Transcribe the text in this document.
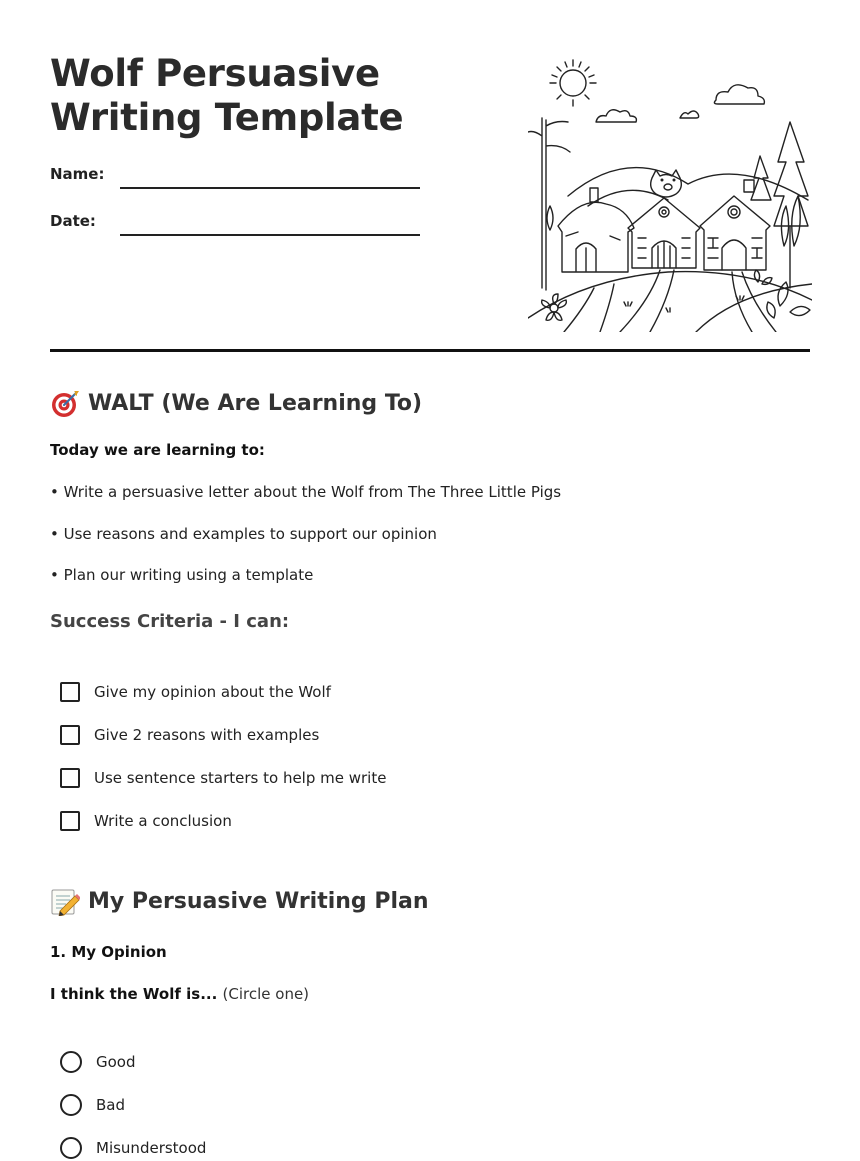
Wolf Persuasive Writing Template
Name:
Date:
WALT (We Are Learning To)
Today we are learning to:
• Write a persuasive letter about the Wolf from The Three Little Pigs
• Use reasons and examples to support our opinion
• Plan our writing using a template
Success Criteria - I can:
Give my opinion about the Wolf
Give 2 reasons with examples
Use sentence starters to help me write
Write a conclusion
My Persuasive Writing Plan
1. My Opinion
I think the Wolf is... (Circle one)
Good
Bad
Misunderstood
